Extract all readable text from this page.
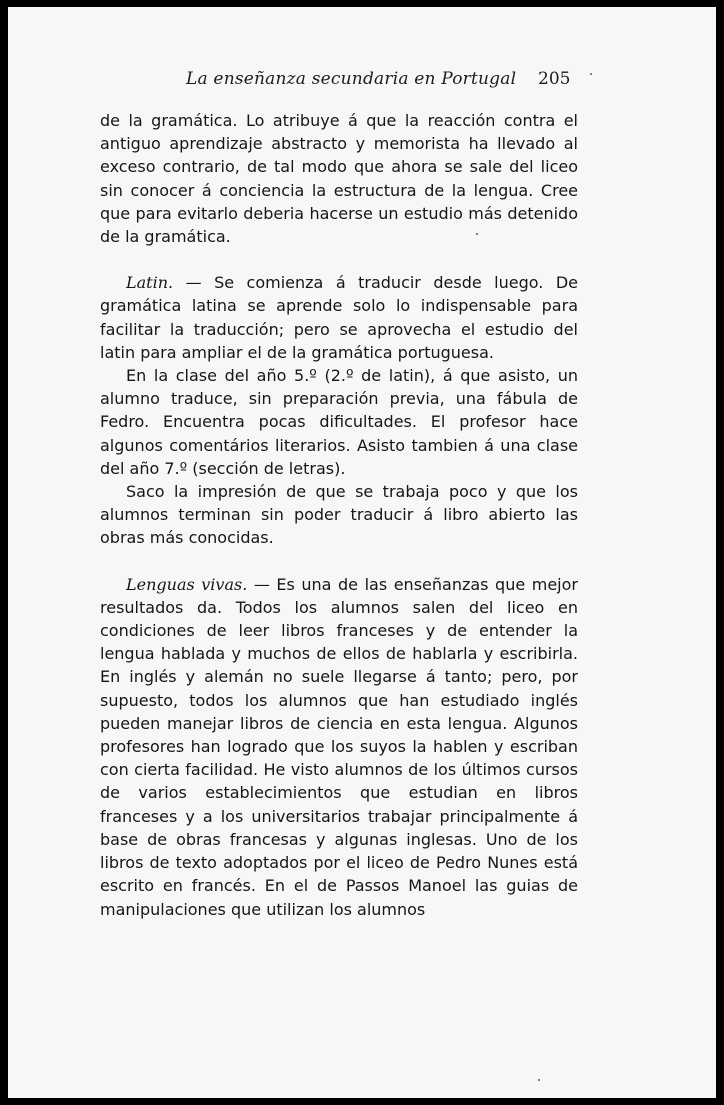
La enseñanza secundaria en Portugal 205

de la gramática. Lo atribuye á que la reacción contra el antiguo aprendizaje abstracto y memorista ha llevado al exceso contrario, de tal modo que ahora se sale del liceo sin conocer á conciencia la estructura de la lengua. Cree que para evitarlo deberia hacerse un estudio más detenido de la gramática.

Latin. — Se comienza á traducir desde luego. De gramática latina se aprende solo lo indispensable para facilitar la traducción; pero se aprovecha el estudio del latin para ampliar el de la gramática portuguesa.

En la clase del año 5.º (2.º de latin), á que asisto, un alumno traduce, sin preparación previa, una fábula de Fedro. Encuentra pocas dificultades. El profesor hace algunos comentários literarios. Asisto tambien á una clase del año 7.º (sección de letras).

Saco la impresión de que se trabaja poco y que los alumnos terminan sin poder traducir á libro abierto las obras más conocidas.

Lenguas vivas. — Es una de las enseñanzas que mejor resultados da. Todos los alumnos salen del liceo en condiciones de leer libros franceses y de entender la lengua hablada y muchos de ellos de hablarla y escribirla. En inglés y alemán no suele llegarse á tanto; pero, por supuesto, todos los alumnos que han estudiado inglés pueden manejar libros de ciencia en esta lengua. Algunos profesores han logrado que los suyos la hablen y escriban con cierta facilidad. He visto alumnos de los últimos cursos de varios establecimientos que estudian en libros franceses y a los universitarios trabajar principalmente á base de obras francesas y algunas inglesas. Uno de los libros de texto adoptados por el liceo de Pedro Nunes está escrito en francés. En el de Passos Manoel las guias de manipulaciones que utilizan los alumnos
